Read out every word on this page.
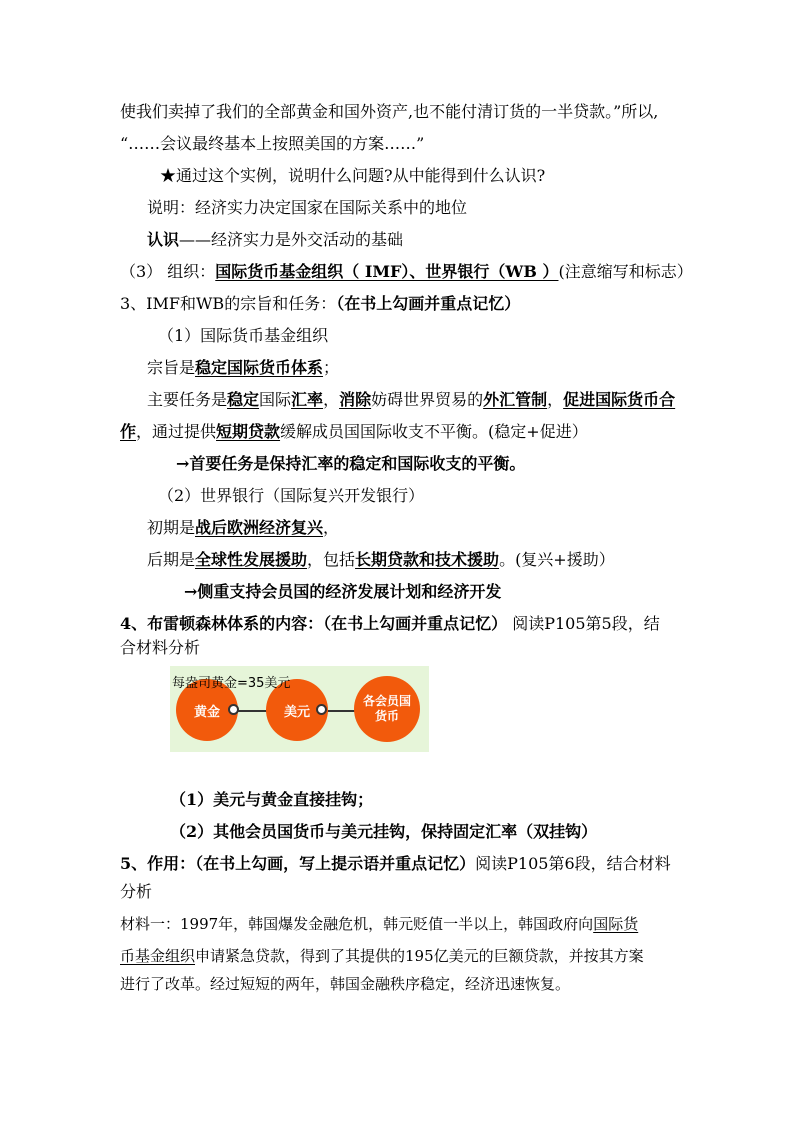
使我们卖掉了我们的全部黄金和国外资产,也不能付清订货的一半贷款。”所以,
“……会议最终基本上按照美国的方案……”
★通过这个实例，说明什么问题?从中能得到什么认识?
说明：经济实力决定国家在国际关系中的地位
认识——经济实力是外交活动的基础
（3） 组织：国际货币基金组织（ IMF）、世界银行（WB ）(注意缩写和标志）
3、IMF和WB的宗旨和任务：（在书上勾画并重点记忆）
（1）国际货币基金组织
宗旨是稳定国际货币体系；
主要任务是稳定国际汇率，消除妨碍世界贸易的外汇管制，促进国际货币合
作，通过提供短期贷款缓解成员国国际收支不平衡。(稳定+促进）
→首要任务是保持汇率的稳定和国际收支的平衡。
（2）世界银行（国际复兴开发银行）
初期是战后欧洲经济复兴，
后期是全球性发展援助，包括长期贷款和技术援助。(复兴+援助）
→侧重支持会员国的经济发展计划和经济开发
4、布雷顿森林体系的内容：（在书上勾画并重点记忆） 阅读P105第5段，结
合材料分析
黄金	美元
各会员国
货币
每盎司黄金=35美元
（1）美元与黄金直接挂钩；
（2）其他会员国货币与美元挂钩，保持固定汇率（双挂钩）
5、作用：（在书上勾画，写上提示语并重点记忆）阅读P105第6段，结合材料
分析
材料一：1997年，韩国爆发金融危机，韩元贬值一半以上，韩国政府向国际货
币基金组织申请紧急贷款，得到了其提供的195亿美元的巨额贷款，并按其方案
进行了改革。经过短短的两年，韩国金融秩序稳定，经济迅速恢复。
